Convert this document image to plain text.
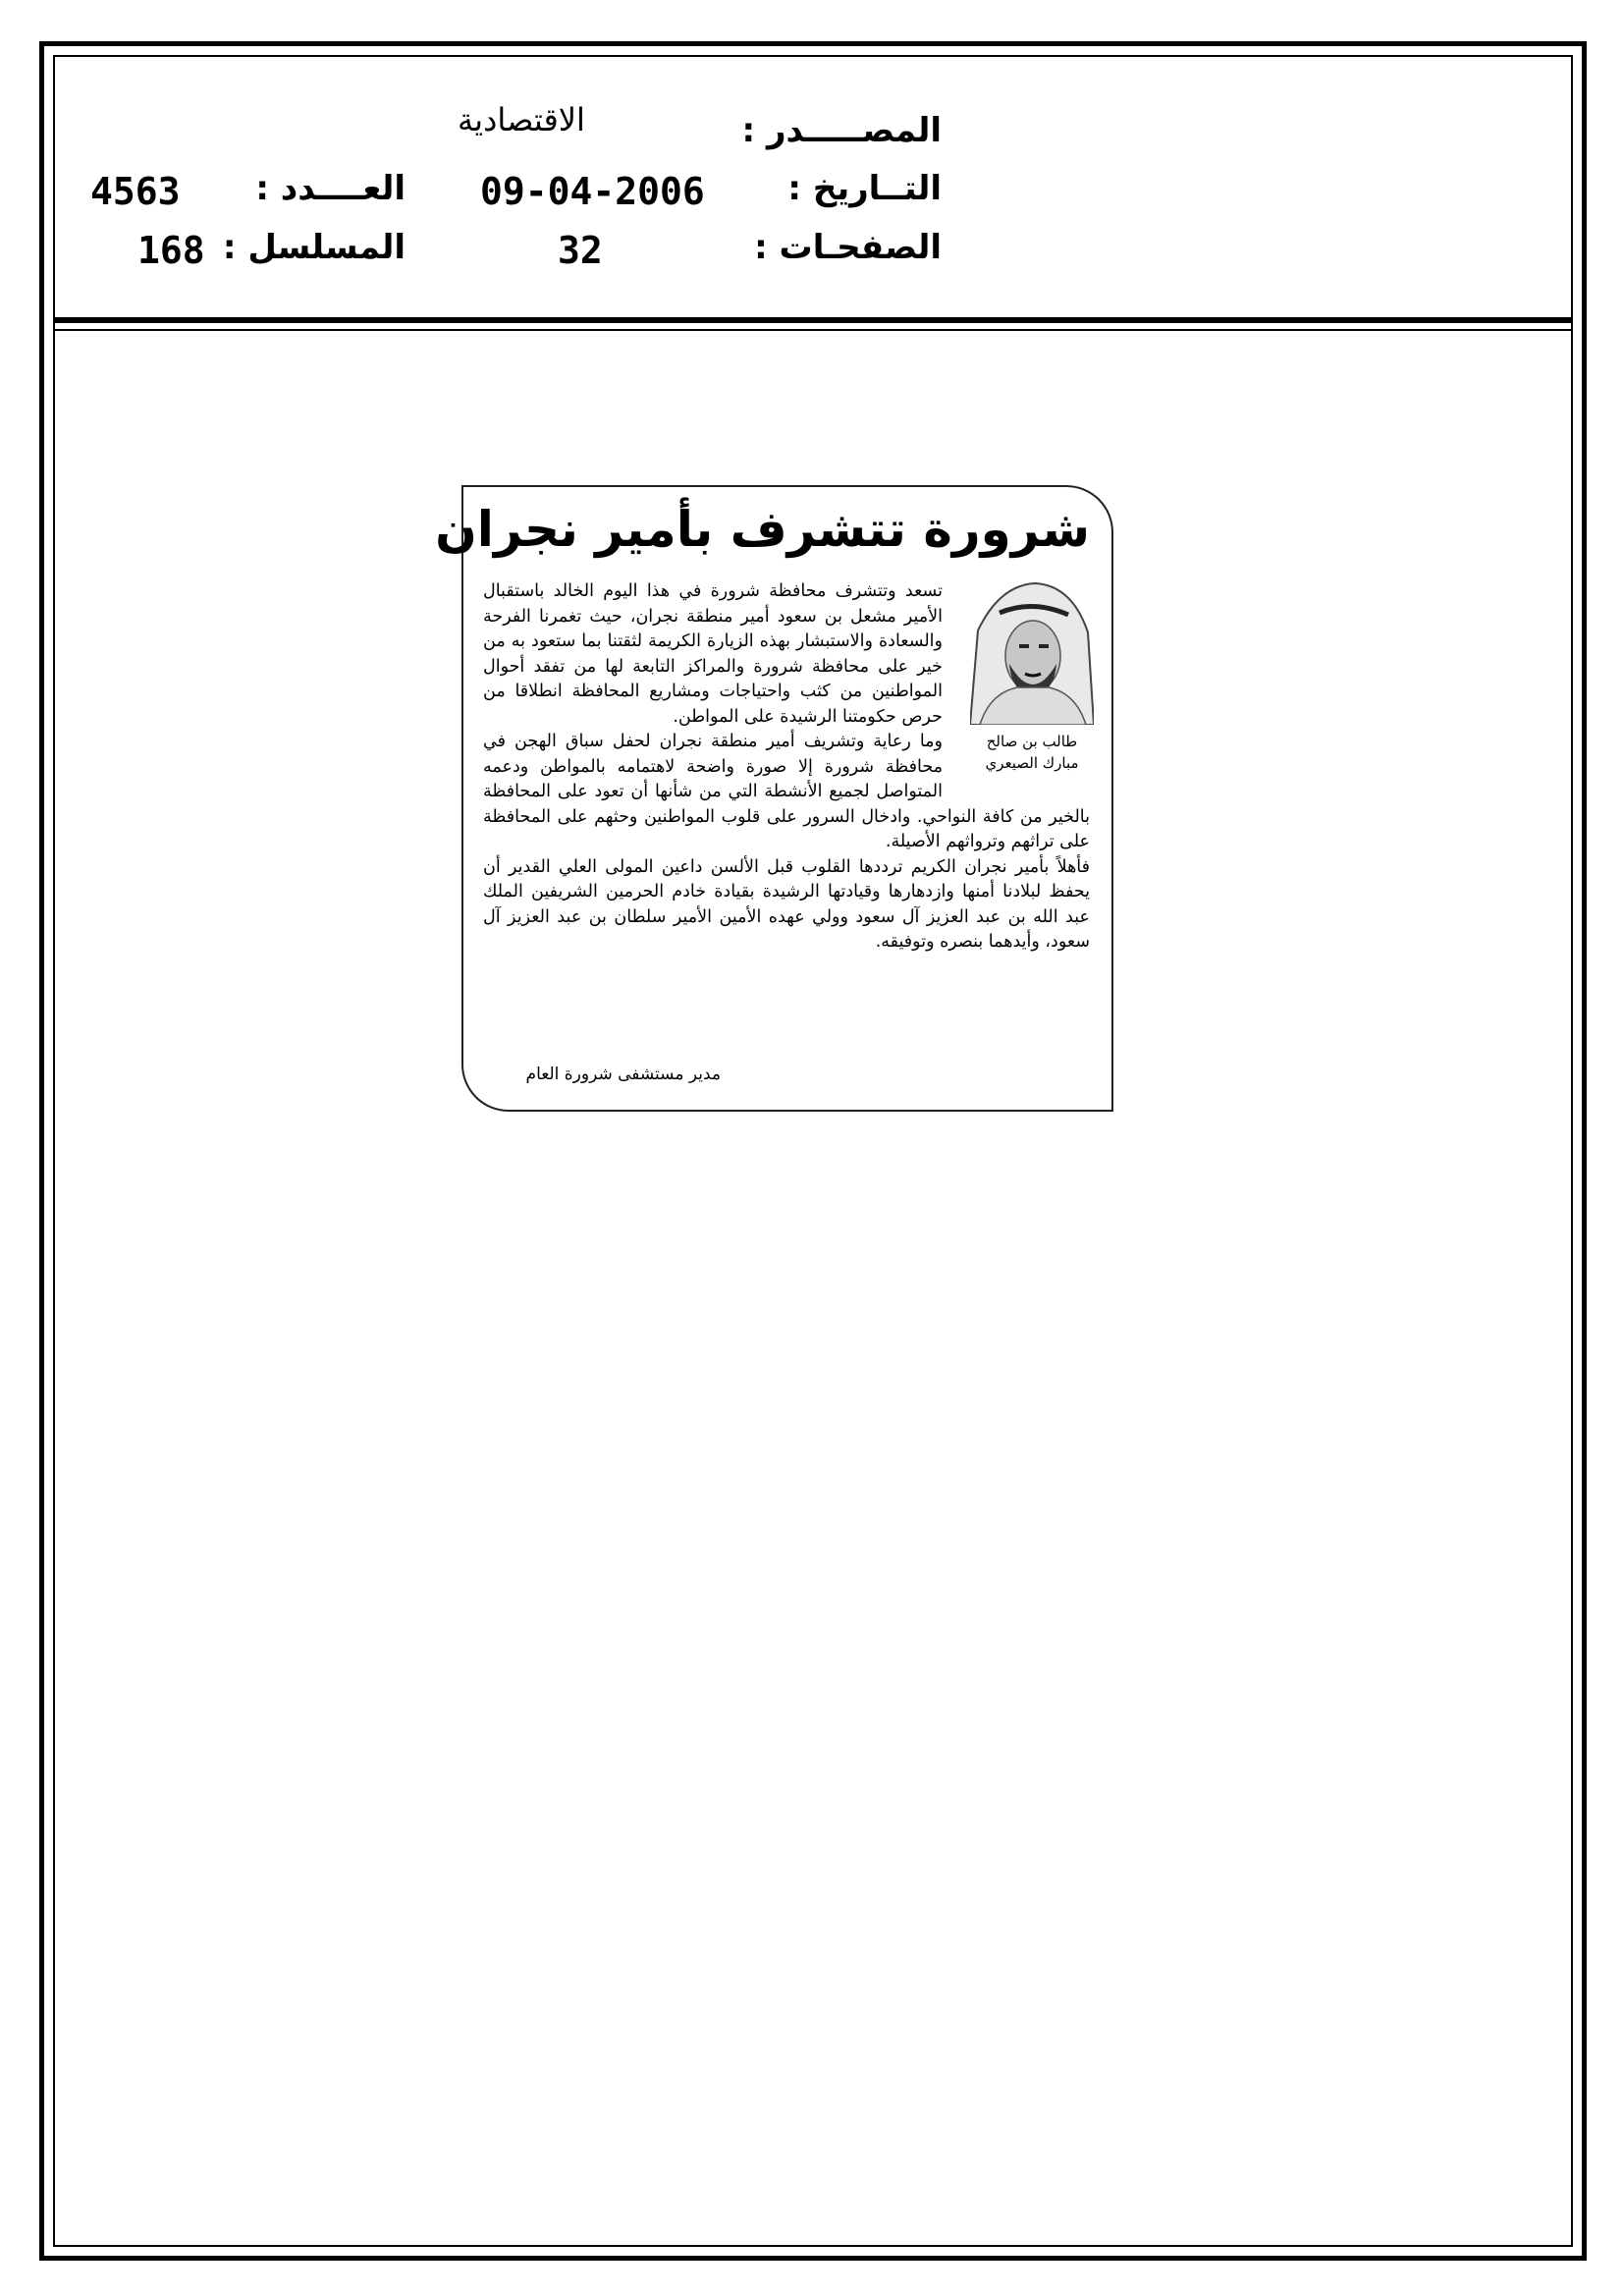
المصـــــدر :
الاقتصادية
التــاريخ :
09-04-2006
الصفحـات :
32
العــــدد :
4563
المسلسل :
168
شرورة تتشرف بأمير نجران
طالب بن صالح
مبارك الصيعري

تسعد وتتشرف محافظة شرورة في هذا اليوم الخالد باستقبال الأمير مشعل بن سعود أمير منطقة نجران، حيث تغمرنا الفرحة والسعادة والاستبشار بهذه الزيارة الكريمة لثقتنا بما ستعود به من خير على محافظة شرورة والمراكز التابعة لها من تفقد أحوال المواطنين من كثب واحتياجات ومشاريع المحافظة انطلاقا من حرص حكومتنا الرشيدة على المواطن.

وما رعاية وتشريف أمير منطقة نجران لحفل سباق الهجن في محافظة شرورة إلا صورة واضحة لاهتمامه بالمواطن ودعمه المتواصل لجميع الأنشطة التي من شأنها أن تعود على المحافظة بالخير من كافة النواحي. وادخال السرور على قلوب المواطنين وحثهم على المحافظة على تراثهم وترواثهم الأصيلة.

فأهلاً بأمير نجران الكريم ترددها القلوب قبل الألسن داعين المولى العلي القدير أن يحفظ لبلادنا أمنها وازدهارها وقيادتها الرشيدة بقيادة خادم الحرمين الشريفين الملك عبد الله بن عبد العزيز آل سعود وولي عهده الأمين الأمير سلطان بن عبد العزيز آل سعود، وأيدهما بنصره وتوفيقه.

مدير مستشفى شرورة العام
